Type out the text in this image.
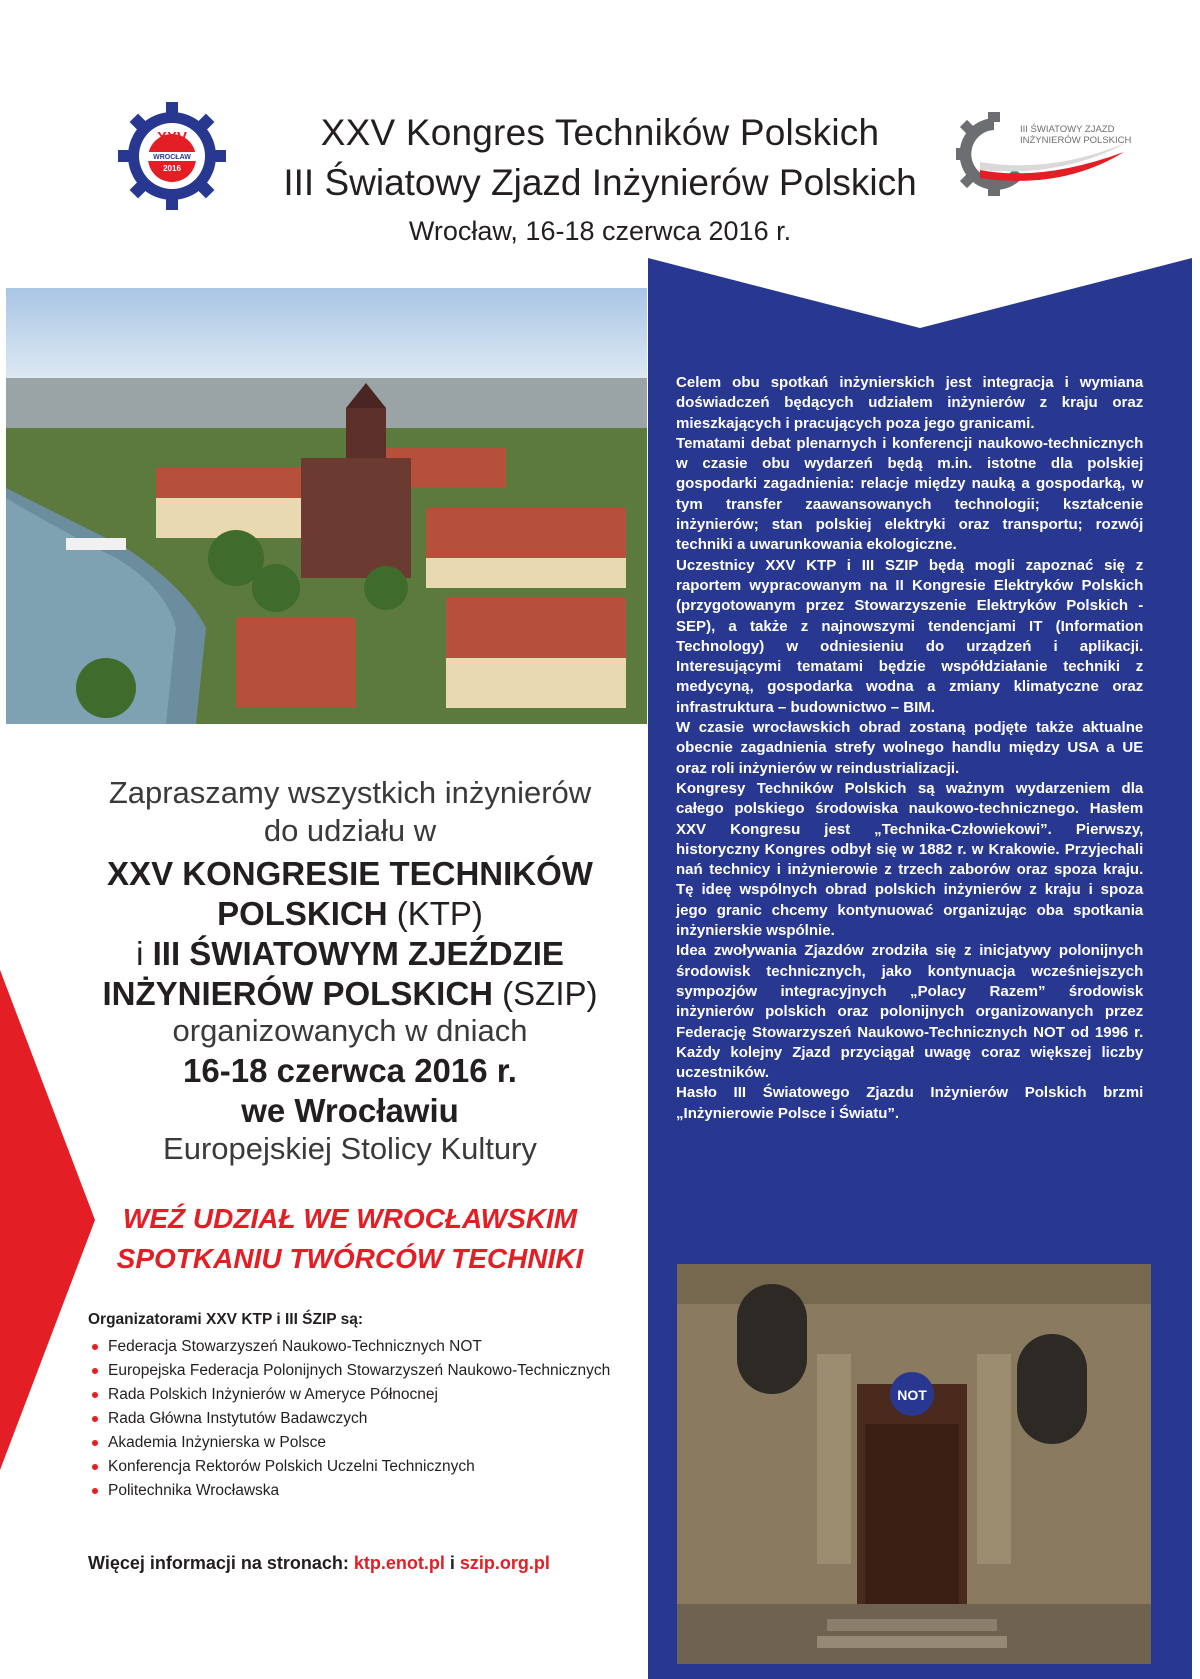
XXV
WROCŁAW
2016
XXV Kongres Techników Polskich
III Światowy Zjazd Inżynierów Polskich
Wrocław, 16-18 czerwca 2016 r.
III ŚWIATOWY ZJAZD
INŻYNIERÓW POLSKICH

Celem obu spotkań inżynierskich jest integracja i wymiana doświadczeń będących udziałem inżynierów z kraju oraz mieszkających i pracujących poza jego granicami.

Tematami debat plenarnych i konferencji naukowo-technicznych w czasie obu wydarzeń będą m.in. istotne dla polskiej gospodarki zagadnienia: relacje między nauką a gospodarką, w tym transfer zaawansowanych technologii; kształcenie inżynierów; stan polskiej elektryki oraz transportu; rozwój techniki a uwarunkowania ekologiczne.

Uczestnicy XXV KTP i III SZIP będą mogli zapoznać się z raportem wypracowanym na II Kongresie Elektryków Polskich (przygotowanym przez Stowarzyszenie Elektryków Polskich - SEP), a także z najnowszymi tendencjami IT (Information Technology) w odniesieniu do urządzeń i aplikacji. Interesującymi tematami będzie współdziałanie techniki z medycyną, gospodarka wodna a zmiany klimatyczne oraz infrastruktura – budownictwo – BIM.

W czasie wrocławskich obrad zostaną podjęte także aktualne obecnie zagadnienia strefy wolnego handlu między USA a UE oraz roli inżynierów w reindustrializacji.

Kongresy Techników Polskich są ważnym wydarzeniem dla całego polskiego środowiska naukowo-technicznego. Hasłem XXV Kongresu jest „Technika-Człowiekowi”. Pierwszy, historyczny Kongres odbył się w 1882 r. w Krakowie. Przyjechali nań technicy i inżynierowie z trzech zaborów oraz spoza kraju. Tę ideę wspólnych obrad polskich inżynierów z kraju i spoza jego granic chcemy kontynuować organizując oba spotkania inżynierskie wspólnie.

Idea zwoływania Zjazdów zrodziła się z inicjatywy polonijnych środowisk technicznych, jako kontynuacja wcześniejszych sympozjów integracyjnych „Polacy Razem” środowisk inżynierów polskich oraz polonijnych organizowanych przez Federację Stowarzyszeń Naukowo-Technicznych NOT od 1996 r. Każdy kolejny Zjazd przyciągał uwagę coraz większej liczby uczestników.

Hasło III Światowego Zjazdu Inżynierów Polskich brzmi „Inżynierowie Polsce i Światu”.

NOT
Zapraszamy wszystkich inżynierów
do udziału w
XXV KONGRESIE TECHNIKÓW
POLSKICH (KTP)
i III ŚWIATOWYM ZJEŹDZIE
INŻYNIERÓW POLSKICH (SZIP)
organizowanych w dniach
16-18 czerwca 2016 r.
we Wrocławiu
Europejskiej Stolicy Kultury
WEŹ UDZIAŁ WE WROCŁAWSKIM
SPOTKANIU TWÓRCÓW TECHNIKI
Organizatorami XXV KTP i III ŚZIP są:
Federacja Stowarzyszeń Naukowo-Technicznych NOT
Europejska Federacja Polonijnych Stowarzyszeń Naukowo-Technicznych
Rada Polskich Inżynierów w Ameryce Północnej
Rada Główna Instytutów Badawczych
Akademia Inżynierska w Polsce
Konferencja Rektorów Polskich Uczelni Technicznych
Politechnika Wrocławska
Więcej informacji na stronach: ktp.enot.pl i szip.org.pl
